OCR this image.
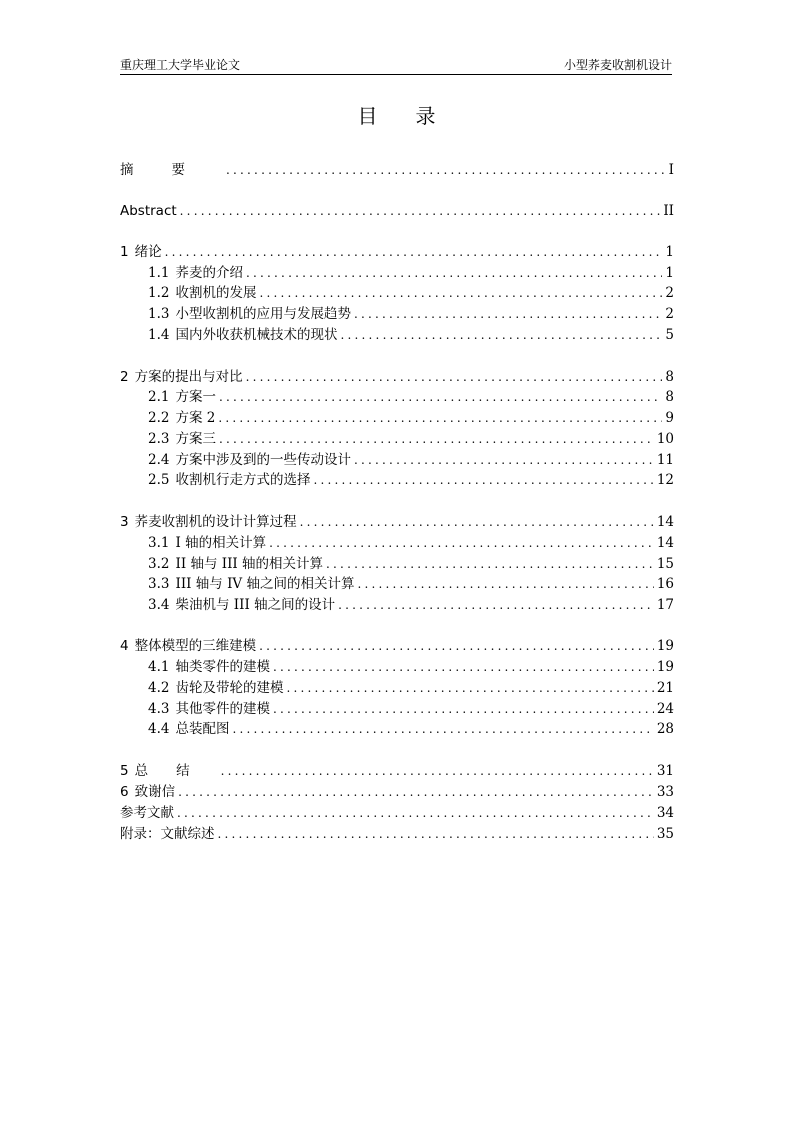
重庆理工大学毕业论文	小型荞麦收割机设计
目录
摘要 .....	I
Abstract .....	II
1 绪论 .....	1
1.1 荞麦的介绍 .....	1
1.2 收割机的发展 .....	2
1.3 小型收割机的应用与发展趋势 .....	2
1.4 国内外收获机械技术的现状 .....	5
2 方案的提出与对比 .....	8
2.1 方案一 .....	8
2.2 方案 2 .....	9
2.3 方案三 .....	10
2.4 方案中涉及到的一些传动设计 .....	11
2.5 收割机行走方式的选择 .....	12
3 荞麦收割机的设计计算过程 .....	14
3.1 I 轴的相关计算 .....	14
3.2 II 轴与 III 轴的相关计算 .....	15
3.3 III 轴与 IV 轴之间的相关计算 .....	16
3.4 柴油机与 III 轴之间的设计 .....	17
4 整体模型的三维建模 .....	19
4.1 轴类零件的建模 .....	19
4.2 齿轮及带轮的建模 .....	21
4.3 其他零件的建模 .....	24
4.4 总装配图 .....	28
5 总结 .....	31
6 致谢信 .....	33
参考文献 .....	34
附录：文献综述 .....	35
